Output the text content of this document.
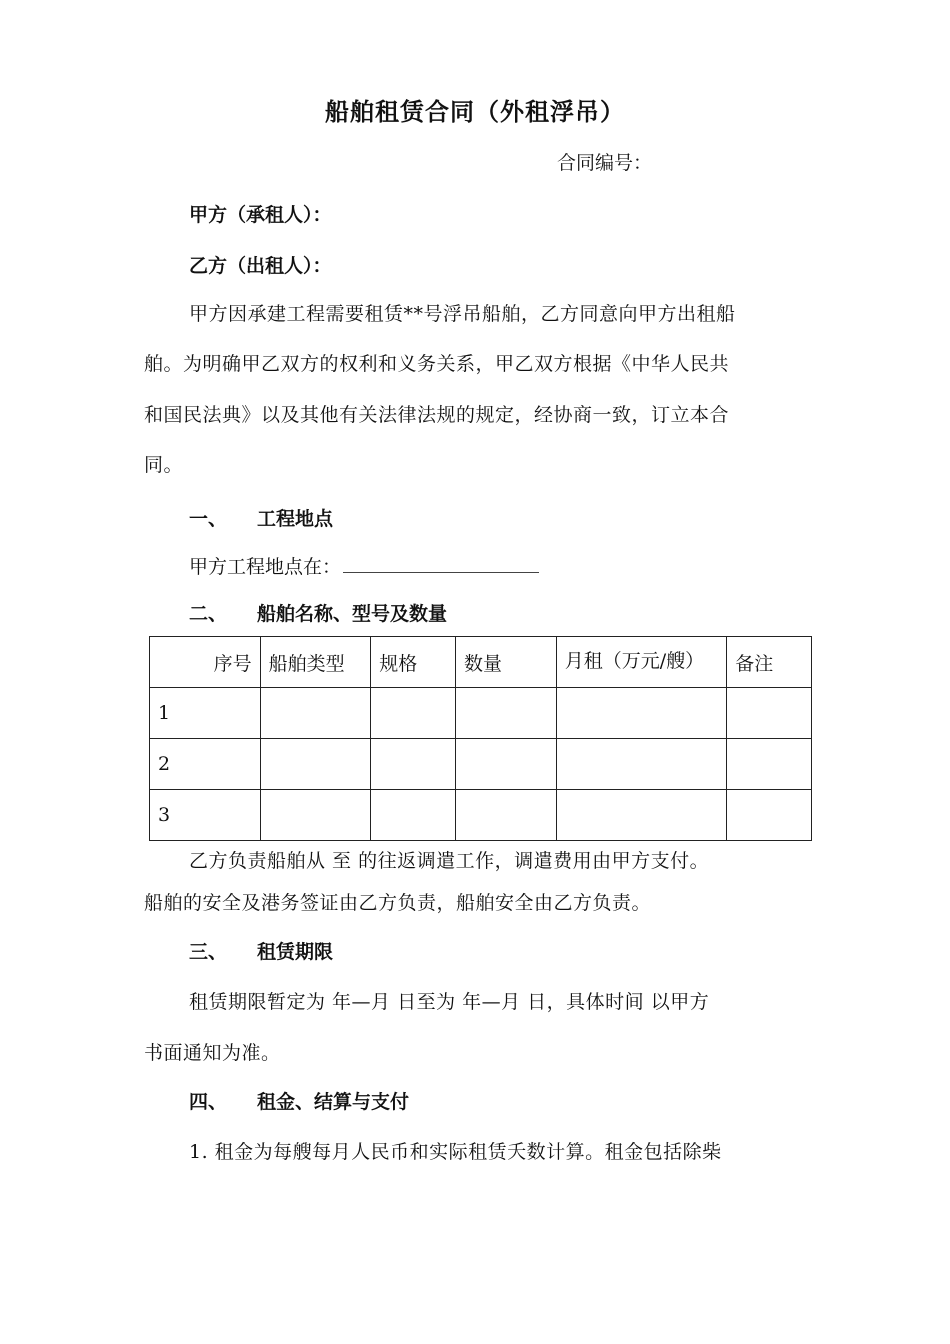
船舶租赁合同（外租浮吊）
合同编号：
甲方（承租人）：
乙方（出租人）：
甲方因承建工程需要租赁**号浮吊船舶，乙方同意向甲方出租船
舶。为明确甲乙双方的权利和义务关系，甲乙双方根据《中华人民共
和国民法典》以及其他有关法律法规的规定，经协商一致，订立本合
同。
一、 工程地点
甲方工程地点在：
二、 船舶名称、型号及数量
序号	船舶类型	规格	数量	月租（万元/艘）	备注
1					
2					
3					
乙方负责船舶从 至 的往返调遣工作，调遣费用由甲方支付。
船舶的安全及港务签证由乙方负责，船舶安全由乙方负责。
三、 租赁期限
租赁期限暂定为 年—月 日至为 年—月 日，具体时间 以甲方
书面通知为准。
四、 租金、结算与支付
1. 租金为每艘每月人民币和实际租赁夭数计算。租金包括除柴
